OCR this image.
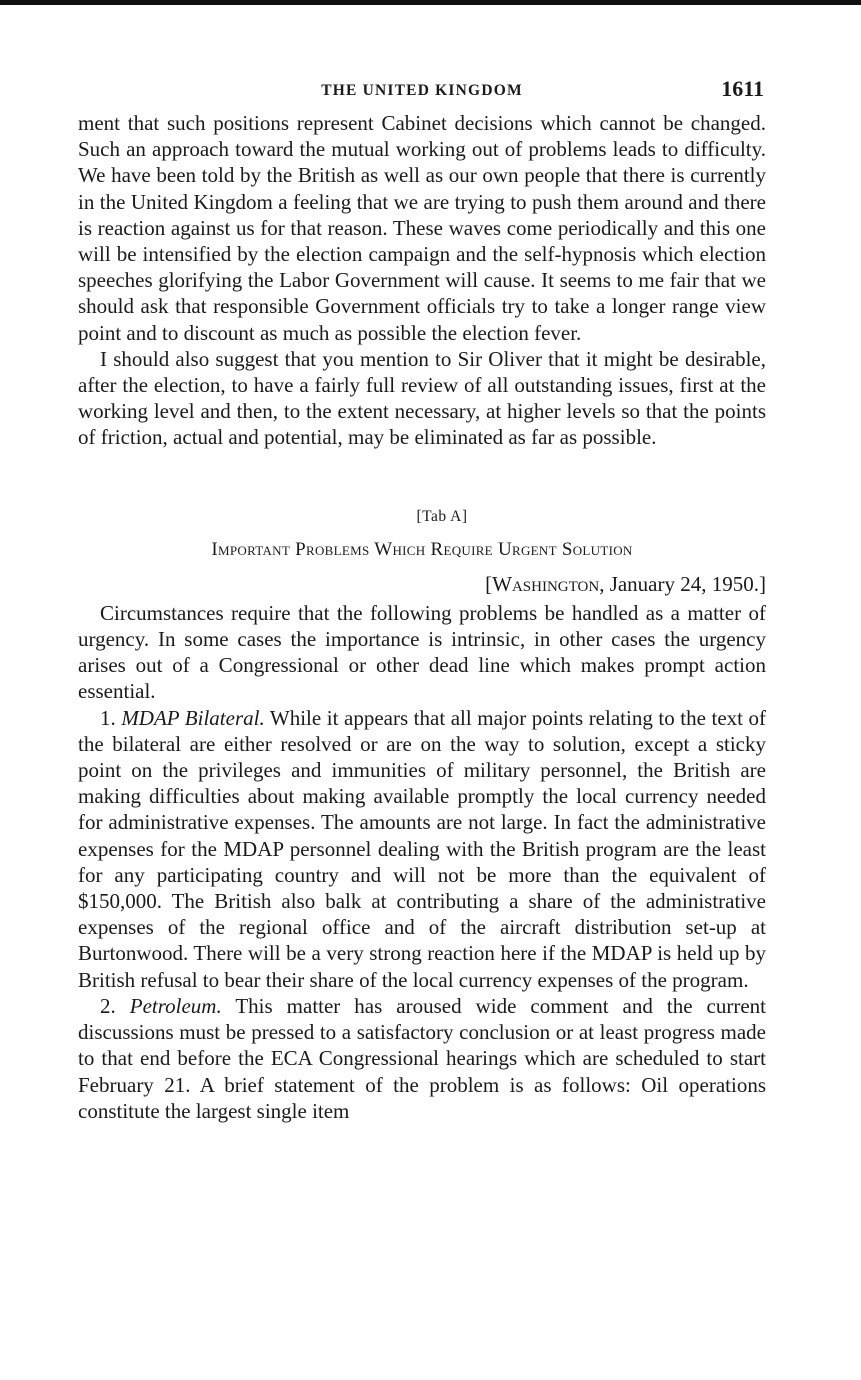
THE UNITED KINGDOM	1611

ment that such positions represent Cabinet decisions which cannot be changed. Such an approach toward the mutual working out of problems leads to difficulty. We have been told by the British as well as our own people that there is currently in the United Kingdom a feeling that we are trying to push them around and there is reaction against us for that reason. These waves come periodically and this one will be intensified by the election campaign and the self-hypnosis which election speeches glorifying the Labor Government will cause. It seems to me fair that we should ask that responsible Government officials try to take a longer range view point and to discount as much as possible the election fever.

I should also suggest that you mention to Sir Oliver that it might be desirable, after the election, to have a fairly full review of all outstanding issues, first at the working level and then, to the extent necessary, at higher levels so that the points of friction, actual and potential, may be eliminated as far as possible.

[Tab A]
Important Problems Which Require Urgent Solution
[Washington, January 24, 1950.]

Circumstances require that the following problems be handled as a matter of urgency. In some cases the importance is intrinsic, in other cases the urgency arises out of a Congressional or other dead line which makes prompt action essential.

1. MDAP Bilateral. While it appears that all major points relating to the text of the bilateral are either resolved or are on the way to solution, except a sticky point on the privileges and immunities of military personnel, the British are making difficulties about making available promptly the local currency needed for administrative expenses. The amounts are not large. In fact the administrative expenses for the MDAP personnel dealing with the British program are the least for any participating country and will not be more than the equivalent of $150,000. The British also balk at contributing a share of the administrative expenses of the regional office and of the aircraft distribution set-up at Burtonwood. There will be a very strong reaction here if the MDAP is held up by British refusal to bear their share of the local currency expenses of the program.

2. Petroleum. This matter has aroused wide comment and the current discussions must be pressed to a satisfactory conclusion or at least progress made to that end before the ECA Congressional hearings which are scheduled to start February 21. A brief statement of the problem is as follows: Oil operations constitute the largest single item
